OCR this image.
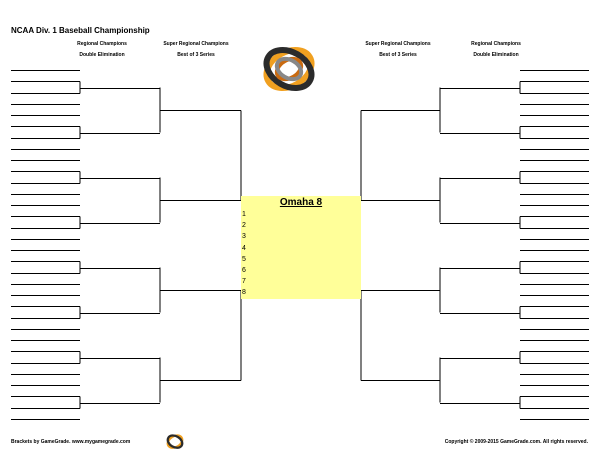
NCAA Div. 1 Baseball Championship
Regional Champions
Double Elimination
Super Regional Champions
Best of 3 Series
Super Regional Champions
Best of 3 Series
Regional Champions
Double Elimination
Omaha 8
1
2
3
4
5
6
7
8
Brackets by GameGrade. www.mygamegrade.com	Copyright © 2009-2015 GameGrade.com. All rights reserved.
